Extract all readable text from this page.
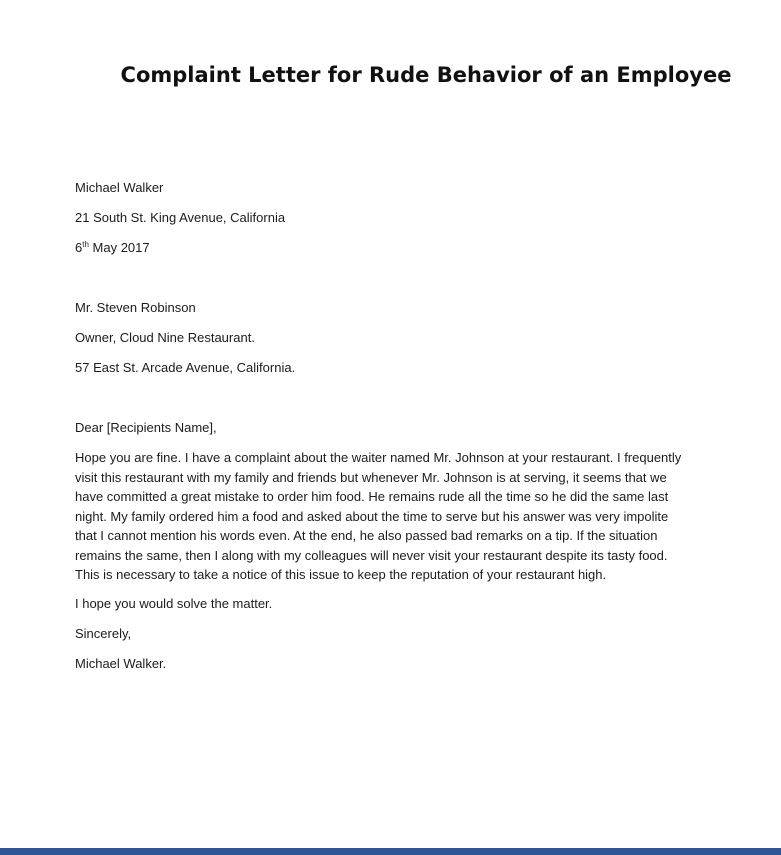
Complaint Letter for Rude Behavior of an Employee
Michael Walker
21 South St. King Avenue, California
6th May 2017
Mr. Steven Robinson
Owner, Cloud Nine Restaurant.
57 East St. Arcade Avenue, California.
Dear [Recipients Name],
Hope you are fine. I have a complaint about the waiter named Mr. Johnson at your restaurant. I frequently
visit this restaurant with my family and friends but whenever Mr. Johnson is at serving, it seems that we
have committed a great mistake to order him food. He remains rude all the time so he did the same last
night. My family ordered him a food and asked about the time to serve but his answer was very impolite
that I cannot mention his words even. At the end, he also passed bad remarks on a tip. If the situation
remains the same, then I along with my colleagues will never visit your restaurant despite its tasty food.
This is necessary to take a notice of this issue to keep the reputation of your restaurant high.
I hope you would solve the matter.
Sincerely,
Michael Walker.
